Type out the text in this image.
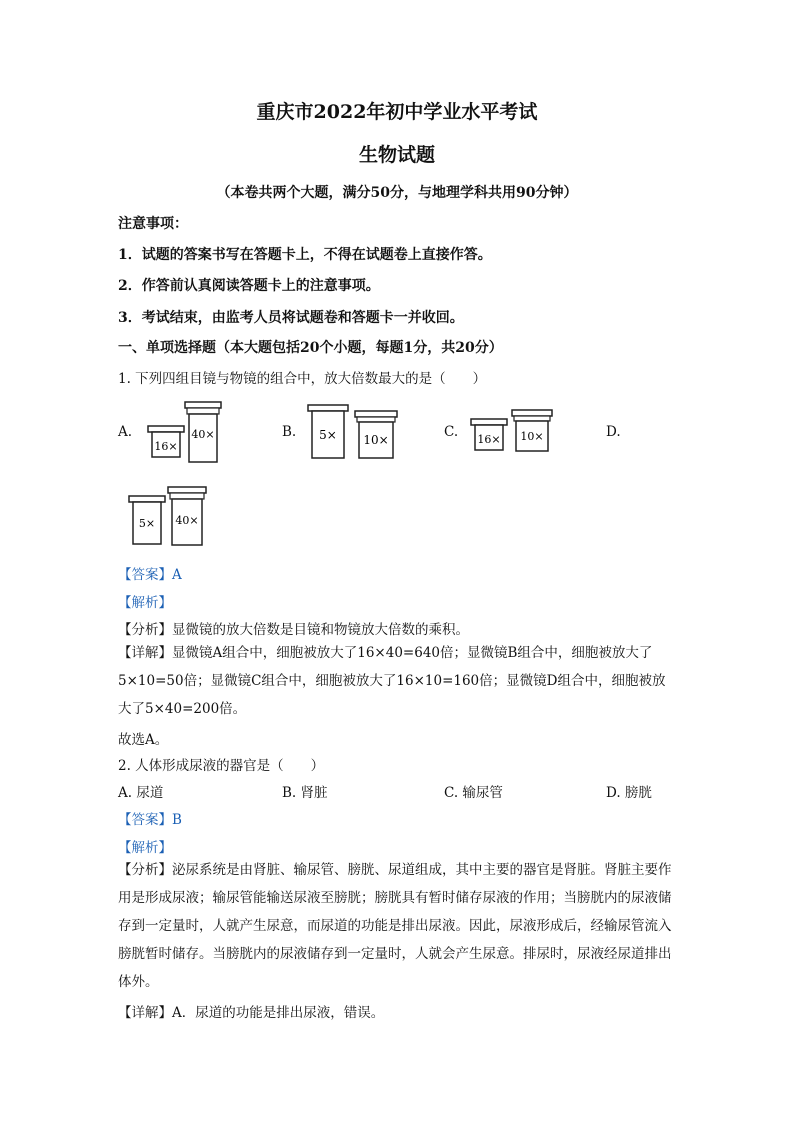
重庆市2022年初中学业水平考试
生物试题
（本卷共两个大题，满分50分，与地理学科共用90分钟）
注意事项：
1．试题的答案书写在答题卡上，不得在试题卷上直接作答。
2．作答前认真阅读答题卡上的注意事项。
3．考试结束，由监考人员将试题卷和答题卡一并收回。
一、单项选择题（本大题包括20个小题，每题1分，共20分）
1. 下列四组目镜与物镜的组合中，放大倍数最大的是（　　）
A.	B.	C.	D.
16×
40×	5× 10×	16× 10×
5× 40×
【答案】A
【解析】
【分析】显微镜的放大倍数是目镜和物镜放大倍数的乘积。
【详解】显微镜A组合中，细胞被放大了16×40=640倍；显微镜B组合中，细胞被放大了5×10=50倍；显微镜C组合中，细胞被放大了16×10=160倍；显微镜D组合中，细胞被放大了5×40=200倍。
故选A。
2. 人体形成尿液的器官是（　　）
A. 尿道	B. 肾脏	C. 输尿管	D. 膀胱
【答案】B
【解析】
【分析】泌尿系统是由肾脏、输尿管、膀胱、尿道组成，其中主要的器官是肾脏。肾脏主要作用是形成尿液；输尿管能输送尿液至膀胱；膀胱具有暂时储存尿液的作用；当膀胱内的尿液储存到一定量时，人就产生尿意，而尿道的功能是排出尿液。因此，尿液形成后，经输尿管流入膀胱暂时储存。当膀胱内的尿液储存到一定量时，人就会产生尿意。排尿时，尿液经尿道排出体外。
【详解】A．尿道的功能是排出尿液，错误。
